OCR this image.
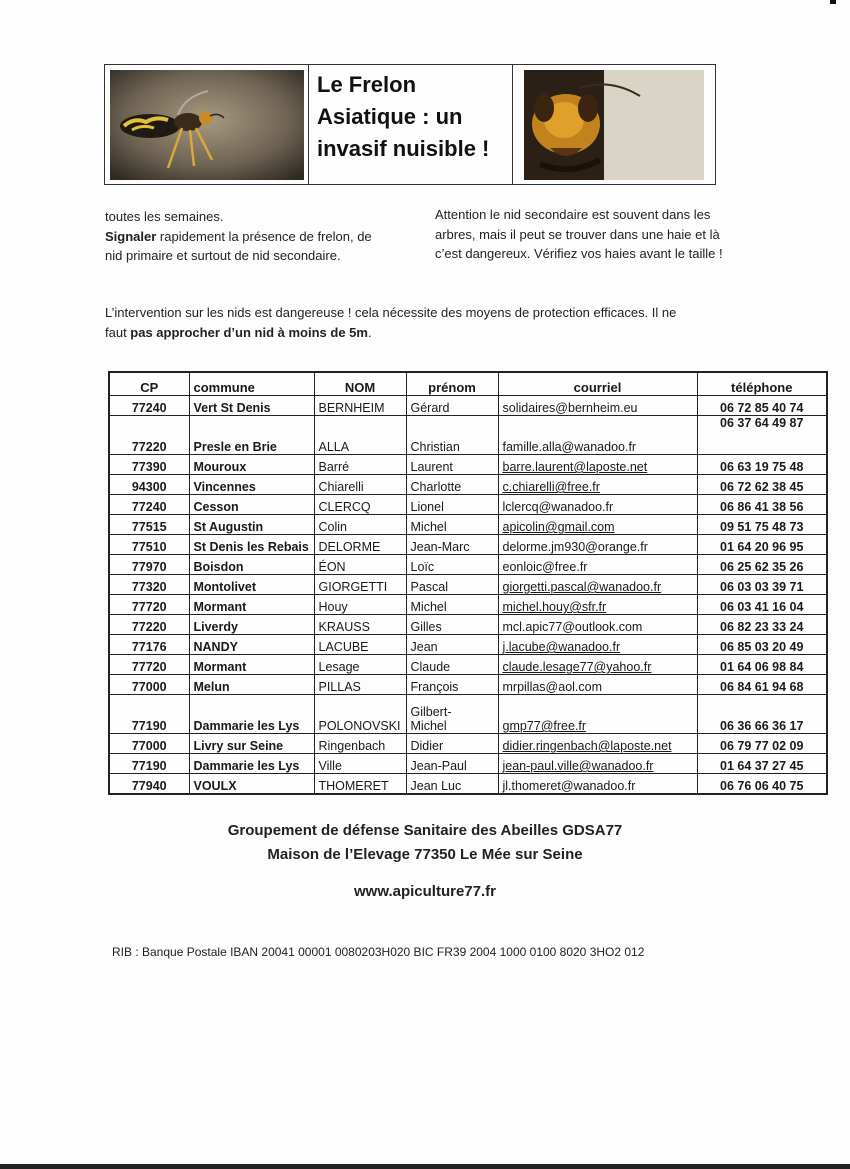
Le Frelon
Asiatique : un
invasif nuisible !
toutes les semaines.
Signaler rapidement la présence de frelon, de
nid primaire et surtout de nid secondaire.
Attention le nid secondaire est souvent dans les arbres, mais il peut se trouver dans une haie et là c’est dangereux. Vérifiez vos haies avant le taille !
L’intervention sur les nids est dangereuse ! cela nécessite des moyens de protection efficaces. Il ne
faut pas approcher d’un nid à moins de 5m.
CP	commune	NOM	prénom	courriel	téléphone
77240	Vert St Denis	BERNHEIM	Gérard	solidaires@bernheim.eu	06 72 85 40 74
77220	Presle en Brie	ALLA	Christian	famille.alla@wanadoo.fr	06 37 64 49 87
77390	Mouroux	Barré	Laurent	barre.laurent@laposte.net	06 63 19 75 48
94300	Vincennes	Chiarelli	Charlotte	c.chiarelli@free.fr	06 72 62 38 45
77240	Cesson	CLERCQ	Lionel	lclercq@wanadoo.fr	06 86 41 38 56
77515	St Augustin	Colin	Michel	apicolin@gmail.com	09 51 75 48 73
77510	St Denis les Rebais	DELORME	Jean-Marc	delorme.jm930@orange.fr	01 64 20 96 95
77970	Boisdon	ÉON	Loïc	eonloic@free.fr	06 25 62 35 26
77320	Montolivet	GIORGETTI	Pascal	giorgetti.pascal@wanadoo.fr	06 03 03 39 71
77720	Mormant	Houy	Michel	michel.houy@sfr.fr	06 03 41 16 04
77220	Liverdy	KRAUSS	Gilles	mcl.apic77@outlook.com	06 82 23 33 24
77176	NANDY	LACUBE	Jean	j.lacube@wanadoo.fr	06 85 03 20 49
77720	Mormant	Lesage	Claude	claude.lesage77@yahoo.fr	01 64 06 98 84
77000	Melun	PILLAS	François	mrpillas@aol.com	06 84 61 94 68
77190	Dammarie les Lys	POLONOVSKI	Gilbert-
Michel	gmp77@free.fr	06 36 66 36 17
77000	Livry sur Seine	Ringenbach	Didier	didier.ringenbach@laposte.net	06 79 77 02 09
77190	Dammarie les Lys	Ville	Jean-Paul	jean-paul.ville@wanadoo.fr	01 64 37 27 45
77940	VOULX	THOMERET	Jean Luc	jl.thomeret@wanadoo.fr	06 76 06 40 75
Groupement de défense Sanitaire des Abeilles GDSA77
Maison de l’Elevage 77350 Le Mée sur Seine
www.apiculture77.fr
RIB : Banque Postale IBAN 20041 00001 0080203H020 BIC FR39 2004 1000 0100 8020 3HO2 012
